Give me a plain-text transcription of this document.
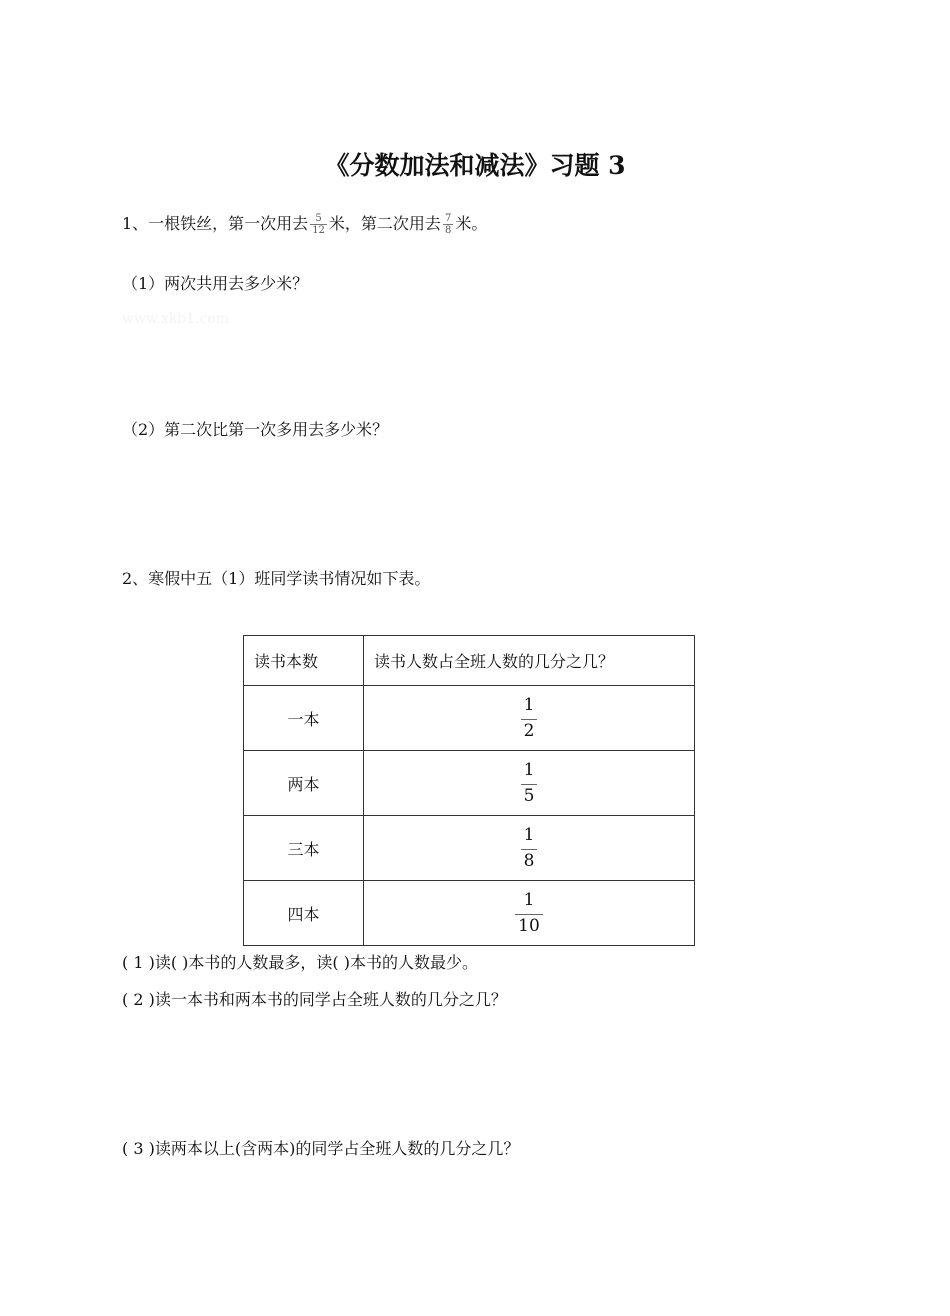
《分数加法和减法》习题 3
1、一根铁丝，第一次用去 $\frac{5}{12}$ 米，第二次用去 $\frac{7}{8}$ 米。
（1）两次共用去多少米？
www.xkb1.com
（2）第二次比第一次多用去多少米？
2、寒假中五（1）班同学读书情况如下表。
读书本数	读书人数占全班人数的几分之几？
一本	$\frac{1}{2}$

两本	$\frac{1}{5}$

三本	$\frac{1}{8}$

四本	$\frac{1}{10}$
( 1 )读( )本书的人数最多，读( )本书的人数最少。
( 2 )读一本书和两本书的同学占全班人数的几分之几？
( 3 )读两本以上(含两本)的同学占全班人数的几分之几？
